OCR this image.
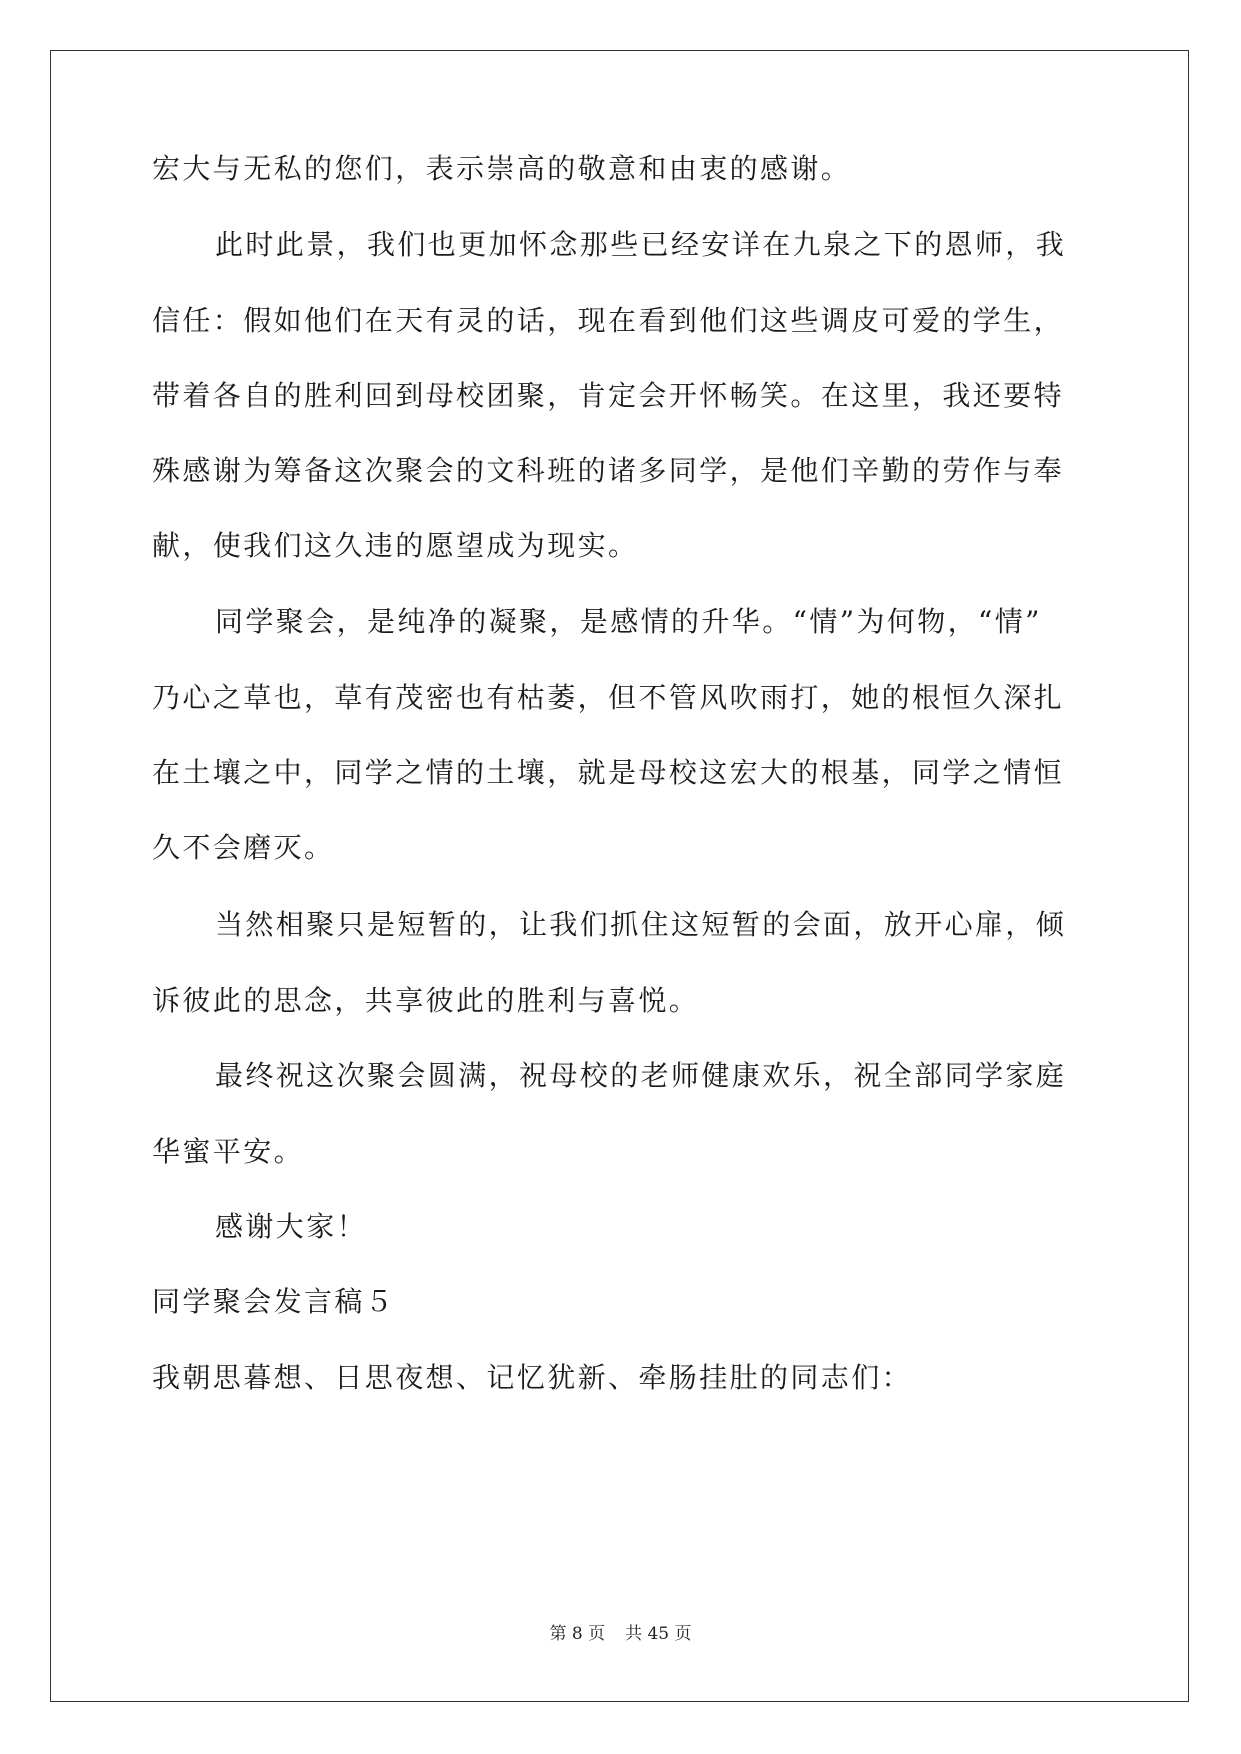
宏大与无私的您们，表示崇高的敬意和由衷的感谢。
此时此景，我们也更加怀念那些已经安详在九泉之下的恩师，我
信任：假如他们在天有灵的话，现在看到他们这些调皮可爱的学生，
带着各自的胜利回到母校团聚，肯定会开怀畅笑。在这里，我还要特
殊感谢为筹备这次聚会的文科班的诸多同学，是他们辛勤的劳作与奉
献，使我们这久违的愿望成为现实。
同学聚会，是纯净的凝聚，是感情的升华。“情”为何物，“情”
乃心之草也，草有茂密也有枯萎，但不管风吹雨打，她的根恒久深扎
在土壤之中，同学之情的土壤，就是母校这宏大的根基，同学之情恒
久不会磨灭。
当然相聚只是短暂的，让我们抓住这短暂的会面，放开心扉，倾
诉彼此的思念，共享彼此的胜利与喜悦。
最终祝这次聚会圆满，祝母校的老师健康欢乐，祝全部同学家庭
华蜜平安。
感谢大家！
同学聚会发言稿５
我朝思暮想、日思夜想、记忆犹新、牵肠挂肚的同志们：
第 8 页 共 45 页
